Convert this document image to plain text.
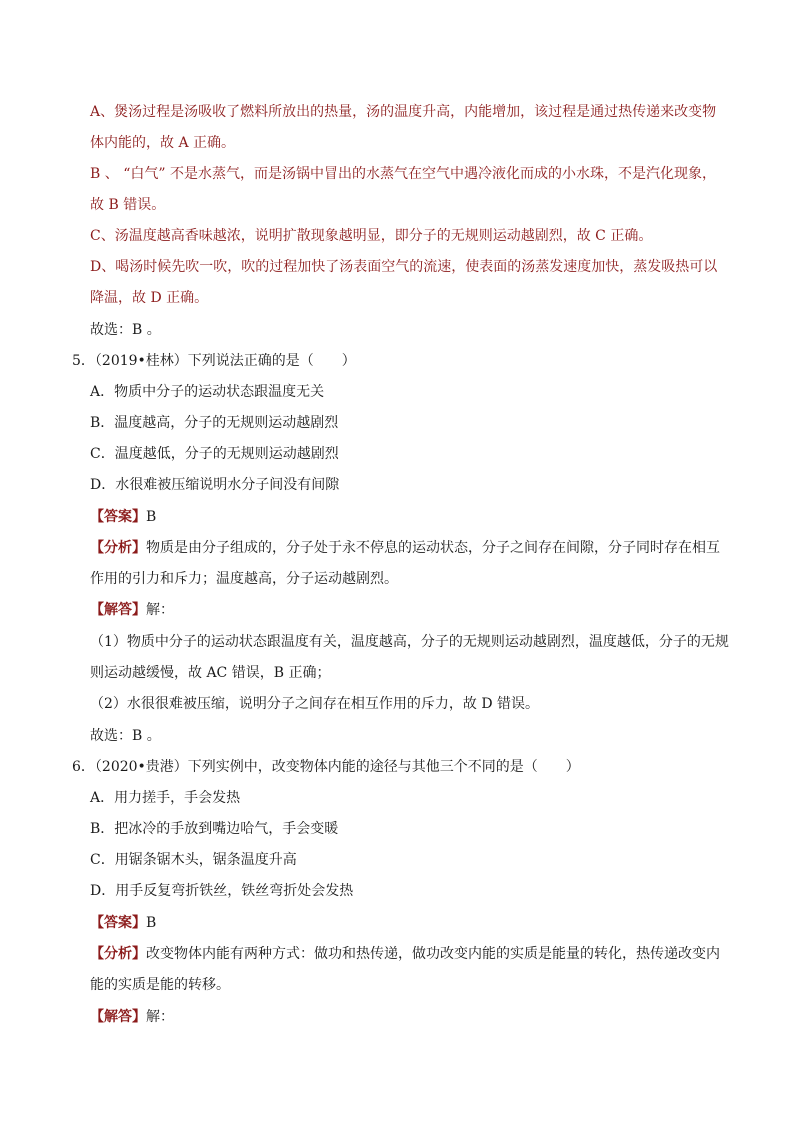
A、煲汤过程是汤吸收了燃料所放出的热量，汤的温度升高，内能增加，该过程是通过热传递来改变物

体内能的，故 A 正确。

B 、 “白气” 不是水蒸气，而是汤锅中冒出的水蒸气在空气中遇冷液化而成的小水珠，不是汽化现象，

故 B 错误。

C、汤温度越高香味越浓，说明扩散现象越明显，即分子的无规则运动越剧烈，故 C 正确。

D、喝汤时候先吹一吹，吹的过程加快了汤表面空气的流速，使表面的汤蒸发速度加快，蒸发吸热可以

降温，故 D 正确。

故选：B 。

5．（2019•桂林）下列说法正确的是（　　）

A．物质中分子的运动状态跟温度无关

B．温度越高，分子的无规则运动越剧烈

C．温度越低，分子的无规则运动越剧烈

D．水很难被压缩说明水分子间没有间隙

【答案】B

【分析】物质是由分子组成的，分子处于永不停息的运动状态，分子之间存在间隙，分子同时存在相互

作用的引力和斥力；温度越高，分子运动越剧烈。

【解答】解：

（1）物质中分子的运动状态跟温度有关，温度越高，分子的无规则运动越剧烈，温度越低，分子的无规

则运动越缓慢，故 AC 错误，B 正确；

（2）水很很难被压缩，说明分子之间存在相互作用的斥力，故 D 错误。

故选：B 。

6．（2020•贵港）下列实例中，改变物体内能的途径与其他三个不同的是（　　）

A．用力搓手，手会发热

B．把冰冷的手放到嘴边哈气，手会变暖

C．用锯条锯木头，锯条温度升高

D．用手反复弯折铁丝，铁丝弯折处会发热

【答案】B

【分析】改变物体内能有两种方式：做功和热传递，做功改变内能的实质是能量的转化，热传递改变内

能的实质是能的转移。

【解答】解：
